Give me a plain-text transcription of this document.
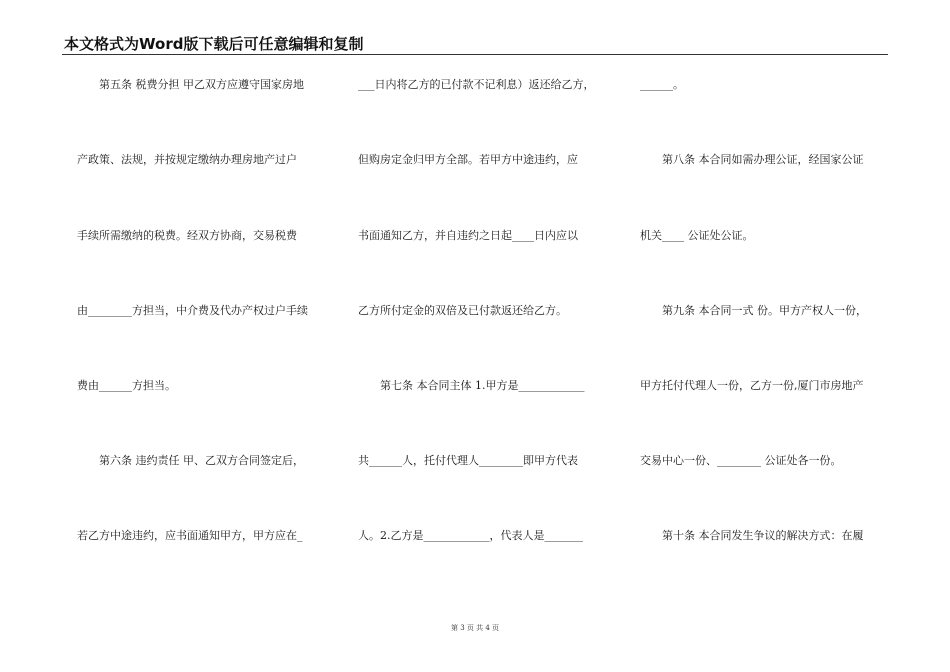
本文格式为Word版下载后可任意编辑和复制
　　第五条 税费分担 甲乙双方应遵守国家房地
产政策、法规，并按规定缴纳办理房地产过户
手续所需缴纳的税费。经双方协商，交易税费
由________方担当，中介费及代办产权过户手续
费由______方担当。
　　第六条 违约责任 甲、乙双方合同签定后，
若乙方中途违约，应书面通知甲方，甲方应在_
___日内将乙方的已付款不记利息）返还给乙方，
但购房定金归甲方全部。若甲方中途违约，应
书面通知乙方，并自违约之日起____日内应以
乙方所付定金的双倍及已付款返还给乙方。
　　第七条 本合同主体 1.甲方是____________
共______人，托付代理人________即甲方代表
人。2.乙方是____________，代表人是_______
______。
　　第八条 本合同如需办理公证，经国家公证
机关____ 公证处公证。
　　第九条 本合同一式 份。甲方产权人一份，
甲方托付代理人一份，乙方一份,厦门市房地产
交易中心一份、________ 公证处各一份。
　　第十条 本合同发生争议的解决方式：在履
第 3 页 共 4 页
